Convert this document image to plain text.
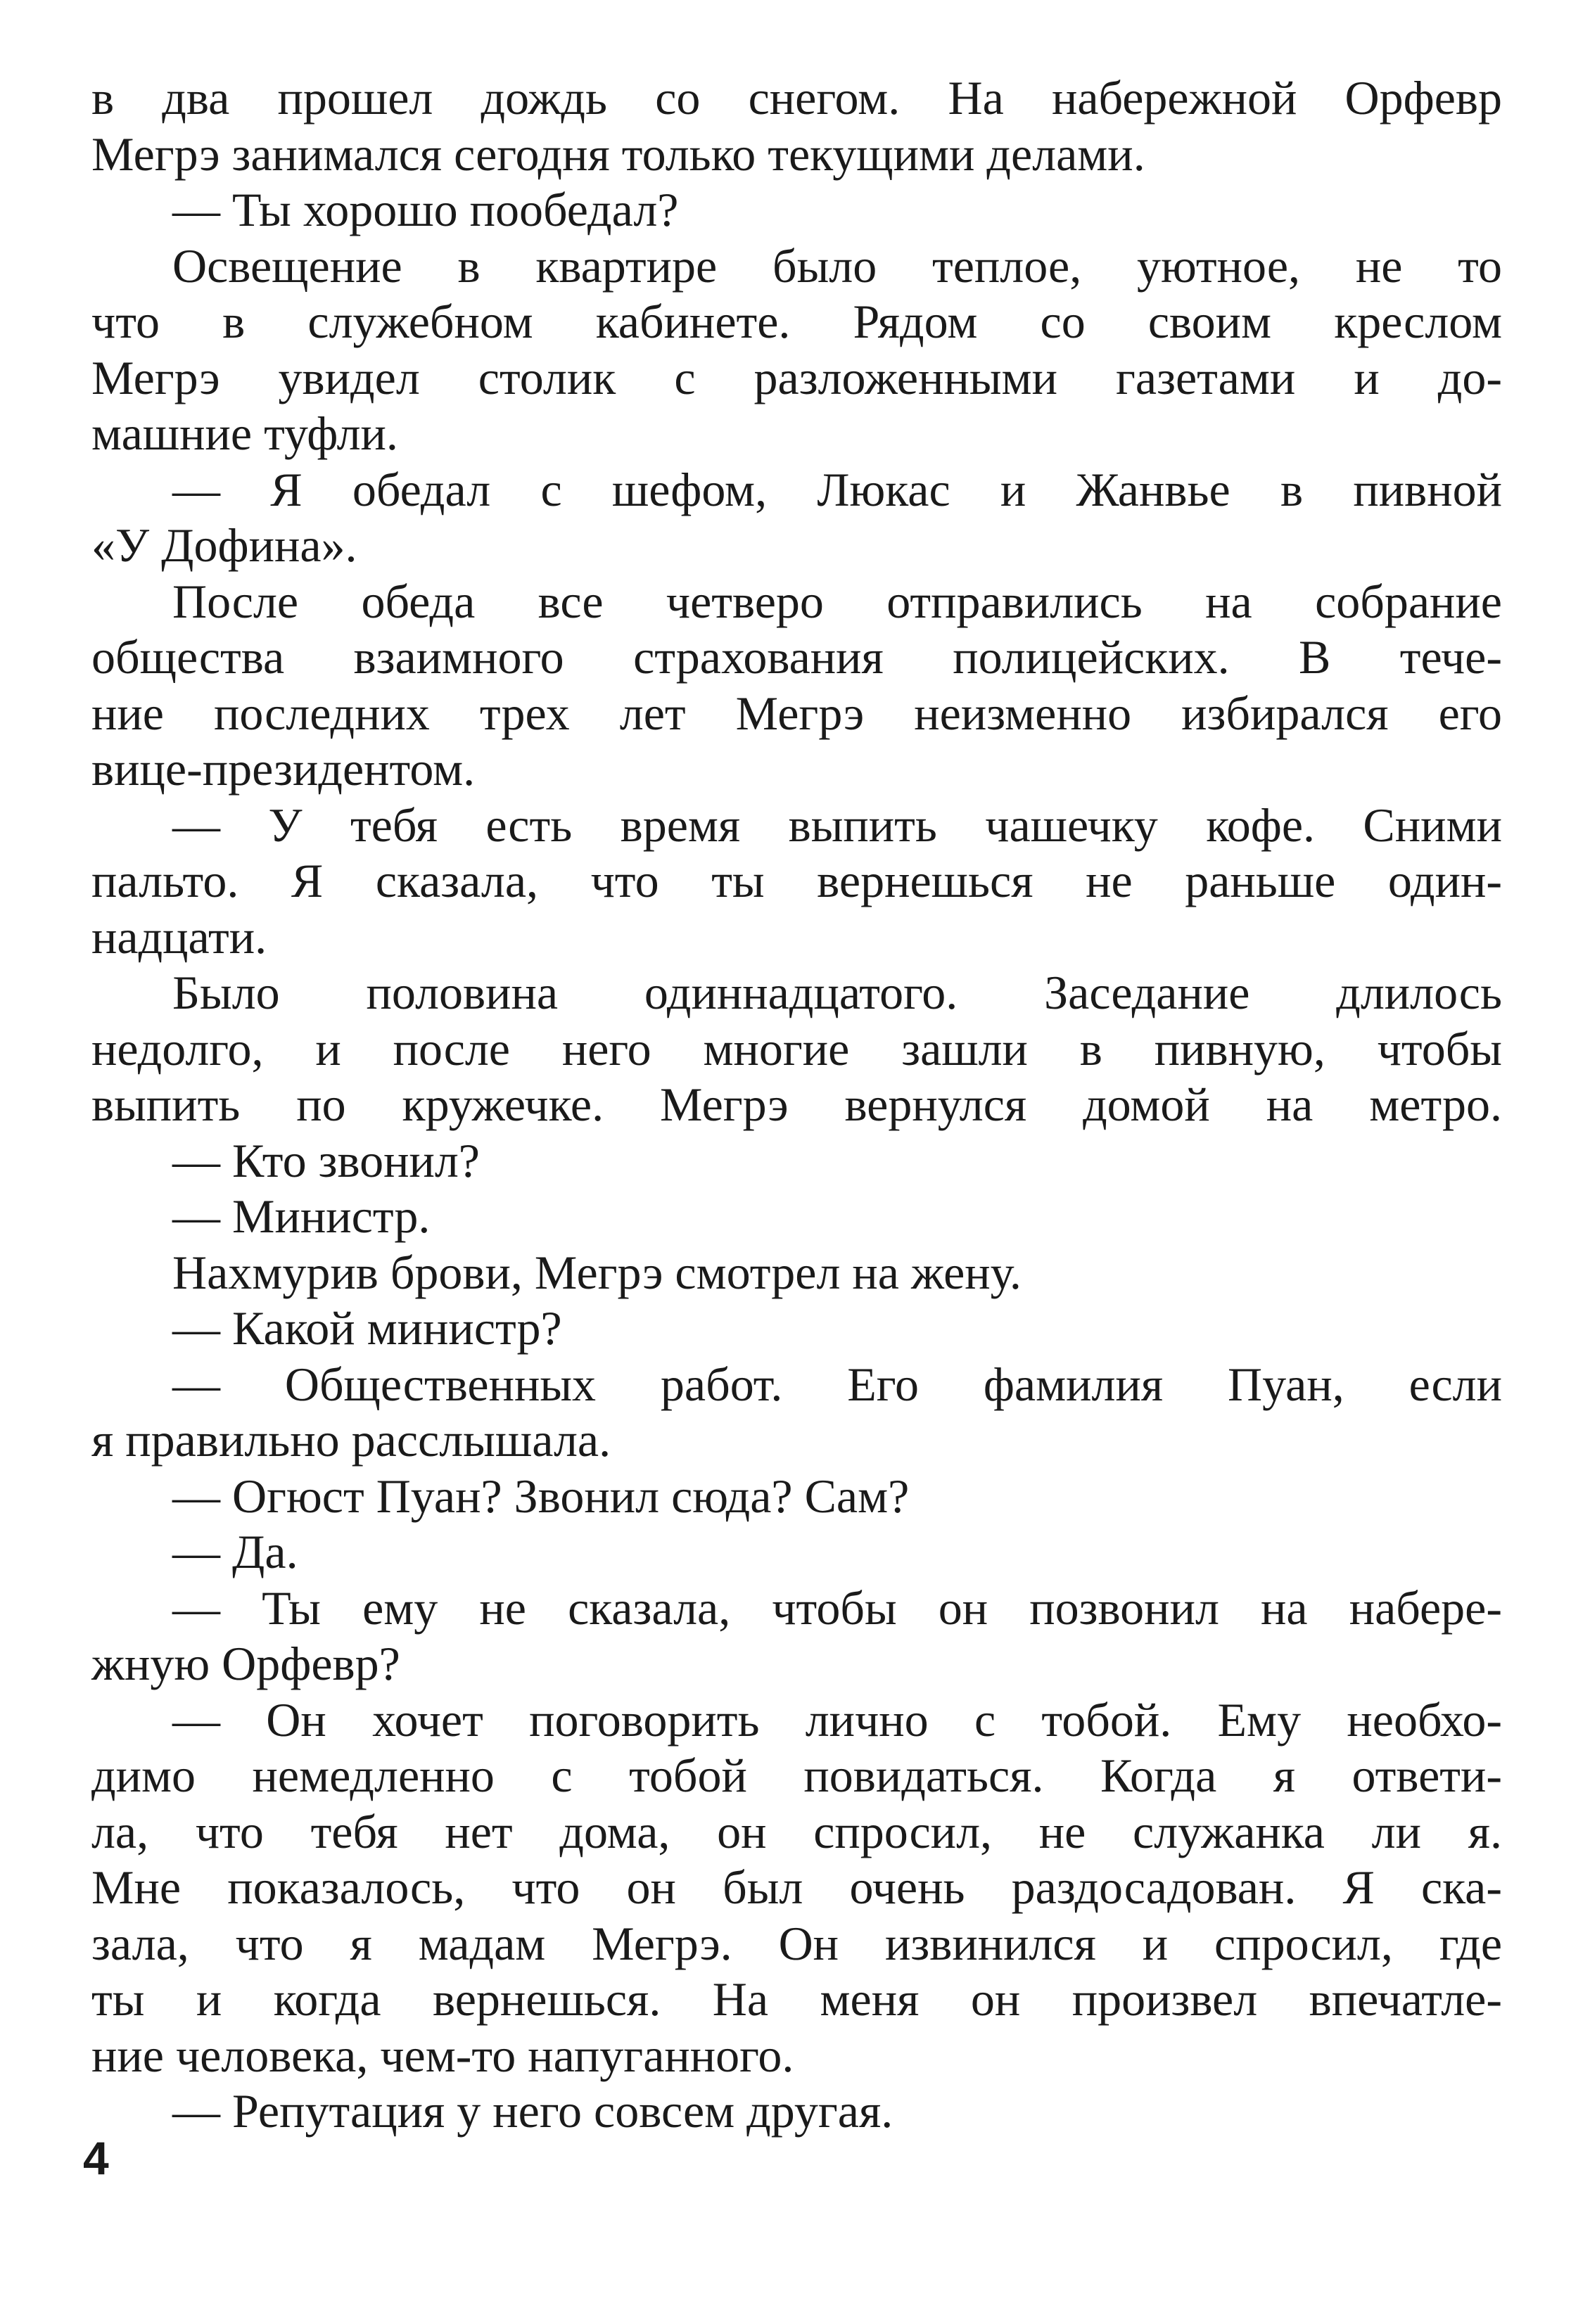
в два прошел дождь со снегом. На набережной Орфевр
Мегрэ занимался сегодня только текущими делами.
— Ты хорошо пообедал?
Освещение в квартире было теплое, уютное, не то
что в служебном кабинете. Рядом со своим креслом
Мегрэ увидел столик с разложенными газетами и до-
машние туфли.
— Я обедал с шефом, Люкас и Жанвье в пивной
«У Дофина».
После обеда все четверо отправились на собрание
общества взаимного страхования полицейских. В тече-
ние последних трех лет Мегрэ неизменно избирался его
вице-президентом.
— У тебя есть время выпить чашечку кофе. Сними
пальто. Я сказала, что ты вернешься не раньше один-
надцати.
Было половина одиннадцатого. Заседание длилось
недолго, и после него многие зашли в пивную, чтобы
выпить по кружечке. Мегрэ вернулся домой на метро.
— Кто звонил?
— Министр.
Нахмурив брови, Мегрэ смотрел на жену.
— Какой министр?
— Общественных работ. Его фамилия Пуан, если
я правильно расслышала.
— Огюст Пуан? Звонил сюда? Сам?
— Да.
— Ты ему не сказала, чтобы он позвонил на набере-
жную Орфевр?
— Он хочет поговорить лично с тобой. Ему необхо-
димо немедленно с тобой повидаться. Когда я ответи-
ла, что тебя нет дома, он спросил, не служанка ли я.
Мне показалось, что он был очень раздосадован. Я ска-
зала, что я мадам Мегрэ. Он извинился и спросил, где
ты и когда вернешься. На меня он произвел впечатле-
ние человека, чем-то напуганного.
— Репутация у него совсем другая.
4
